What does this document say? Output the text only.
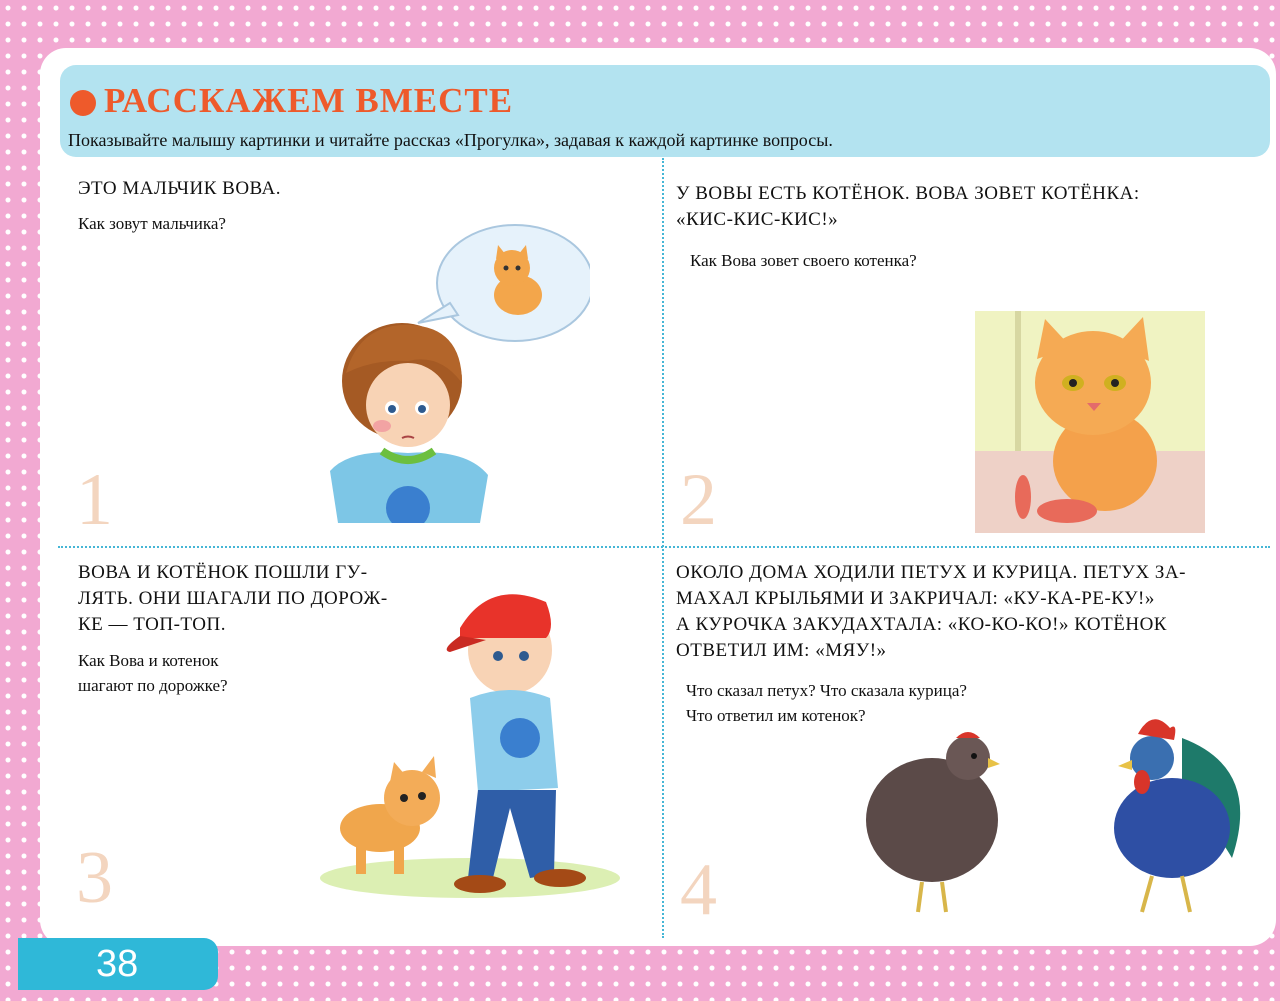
РАССКАЖЕМ ВМЕСТЕ
Показывайте малышу картинки и читайте рассказ «Прогулка», задавая к каждой картинке вопросы.
ЭТО МАЛЬЧИК ВОВА.
Как зовут мальчика?
1
У ВОВЫ ЕСТЬ КОТЁНОК. ВОВА ЗОВЕТ КОТЁНКА:
«КИС-КИС-КИС!»
Как Вова зовет своего котенка?
2
ВОВА И КОТЁНОК ПОШЛИ ГУ-
ЛЯТЬ. ОНИ ШАГАЛИ ПО ДОРОЖ-
КЕ — ТОП-ТОП.
Как Вова и котенок
шагают по дорожке?
3
ОКОЛО ДОМА ХОДИЛИ ПЕТУХ И КУРИЦА. ПЕТУХ ЗА-
МАХАЛ КРЫЛЬЯМИ И ЗАКРИЧАЛ: «КУ-КА-РЕ-КУ!»
А КУРОЧКА ЗАКУДАХТАЛА: «КО-КО-КО!» КОТЁНОК
ОТВЕТИЛ ИМ: «МЯУ!»
Что сказал петух? Что сказала курица?
Что ответил им котенок?
4
38
